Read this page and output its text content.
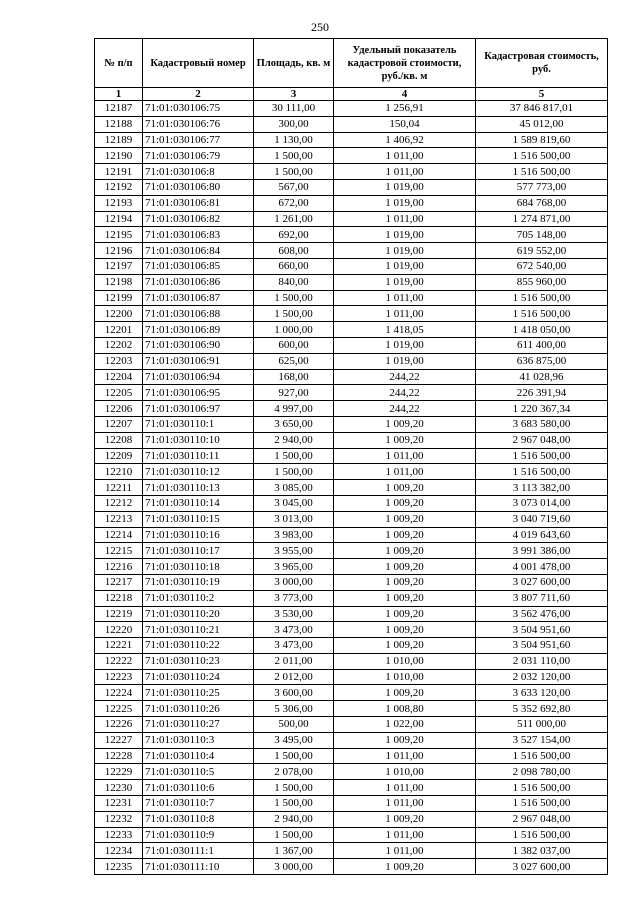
250
№ п/п	Кадастровый номер	Площадь, кв. м	Удельный показатель кадастровой стоимости, руб./кв. м	Кадастровая стоимость, руб.
1	2	3	4	5
12187	71:01:030106:75	30 111,00	1 256,91	37 846 817,01
12188	71:01:030106:76	300,00	150,04	45 012,00
12189	71:01:030106:77	1 130,00	1 406,92	1 589 819,60
12190	71:01:030106:79	1 500,00	1 011,00	1 516 500,00
12191	71:01:030106:8	1 500,00	1 011,00	1 516 500,00
12192	71:01:030106:80	567,00	1 019,00	577 773,00
12193	71:01:030106:81	672,00	1 019,00	684 768,00
12194	71:01:030106:82	1 261,00	1 011,00	1 274 871,00
12195	71:01:030106:83	692,00	1 019,00	705 148,00
12196	71:01:030106:84	608,00	1 019,00	619 552,00
12197	71:01:030106:85	660,00	1 019,00	672 540,00
12198	71:01:030106:86	840,00	1 019,00	855 960,00
12199	71:01:030106:87	1 500,00	1 011,00	1 516 500,00
12200	71:01:030106:88	1 500,00	1 011,00	1 516 500,00
12201	71:01:030106:89	1 000,00	1 418,05	1 418 050,00
12202	71:01:030106:90	600,00	1 019,00	611 400,00
12203	71:01:030106:91	625,00	1 019,00	636 875,00
12204	71:01:030106:94	168,00	244,22	41 028,96
12205	71:01:030106:95	927,00	244,22	226 391,94
12206	71:01:030106:97	4 997,00	244,22	1 220 367,34
12207	71:01:030110:1	3 650,00	1 009,20	3 683 580,00
12208	71:01:030110:10	2 940,00	1 009,20	2 967 048,00
12209	71:01:030110:11	1 500,00	1 011,00	1 516 500,00
12210	71:01:030110:12	1 500,00	1 011,00	1 516 500,00
12211	71:01:030110:13	3 085,00	1 009,20	3 113 382,00
12212	71:01:030110:14	3 045,00	1 009,20	3 073 014,00
12213	71:01:030110:15	3 013,00	1 009,20	3 040 719,60
12214	71:01:030110:16	3 983,00	1 009,20	4 019 643,60
12215	71:01:030110:17	3 955,00	1 009,20	3 991 386,00
12216	71:01:030110:18	3 965,00	1 009,20	4 001 478,00
12217	71:01:030110:19	3 000,00	1 009,20	3 027 600,00
12218	71:01:030110:2	3 773,00	1 009,20	3 807 711,60
12219	71:01:030110:20	3 530,00	1 009,20	3 562 476,00
12220	71:01:030110:21	3 473,00	1 009,20	3 504 951,60
12221	71:01:030110:22	3 473,00	1 009,20	3 504 951,60
12222	71:01:030110:23	2 011,00	1 010,00	2 031 110,00
12223	71:01:030110:24	2 012,00	1 010,00	2 032 120,00
12224	71:01:030110:25	3 600,00	1 009,20	3 633 120,00
12225	71:01:030110:26	5 306,00	1 008,80	5 352 692,80
12226	71:01:030110:27	500,00	1 022,00	511 000,00
12227	71:01:030110:3	3 495,00	1 009,20	3 527 154,00
12228	71:01:030110:4	1 500,00	1 011,00	1 516 500,00
12229	71:01:030110:5	2 078,00	1 010,00	2 098 780,00
12230	71:01:030110:6	1 500,00	1 011,00	1 516 500,00
12231	71:01:030110:7	1 500,00	1 011,00	1 516 500,00
12232	71:01:030110:8	2 940,00	1 009,20	2 967 048,00
12233	71:01:030110:9	1 500,00	1 011,00	1 516 500,00
12234	71:01:030111:1	1 367,00	1 011,00	1 382 037,00
12235	71:01:030111:10	3 000,00	1 009,20	3 027 600,00
